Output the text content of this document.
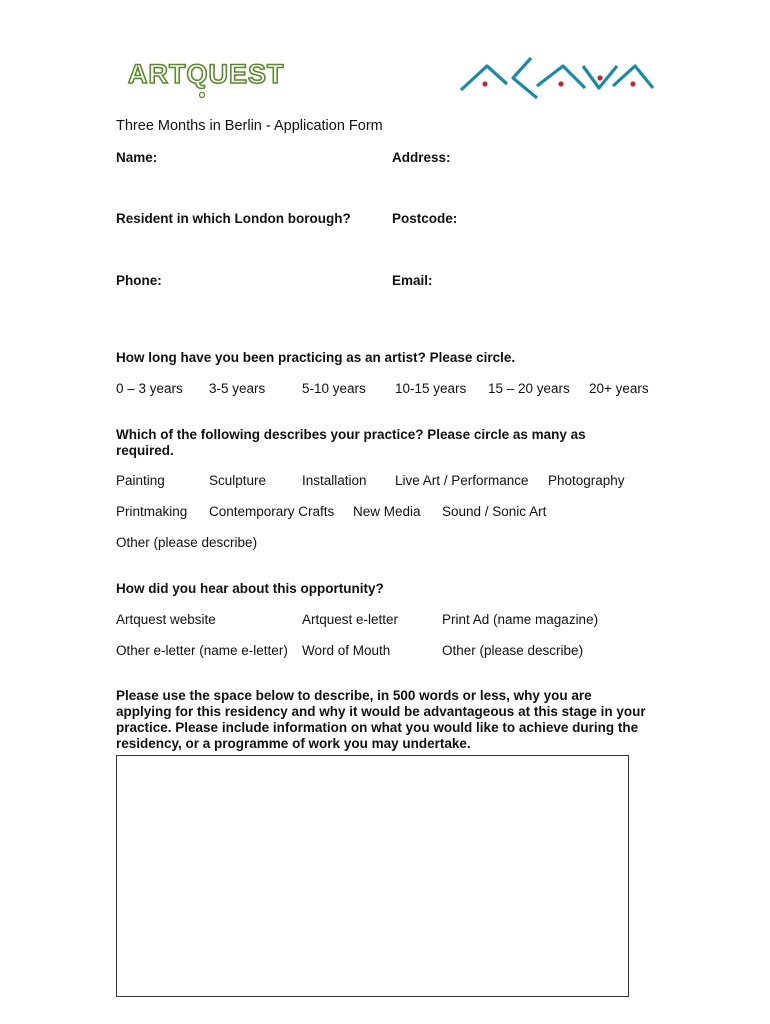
ARTQUEST
Three Months in Berlin - Application Form
Name:	Address:
Resident in which London borough?	Postcode:
Phone:	Email:
How long have you been practicing as an artist? Please circle.
0 – 3 years 3-5 years	5-10 years 10-15 years 15 – 20 years 20+ years
Which of the following describes your practice? Please circle as many as required.
Painting	Sculpture	Installation Live Art / Performance Photography
Printmaking Contemporary Crafts New Media Sound / Sonic Art
Other (please describe)
How did you hear about this opportunity?
Artquest website	Artquest e-letter	Print Ad (name magazine)
Other e-letter (name e-letter) Word of Mouth	Other (please describe)
Please use the space below to describe, in 500 words or less, why you are applying for this residency and why it would be advantageous at this stage in your practice. Please include information on what you would like to achieve during the residency, or a programme of work you may undertake.
